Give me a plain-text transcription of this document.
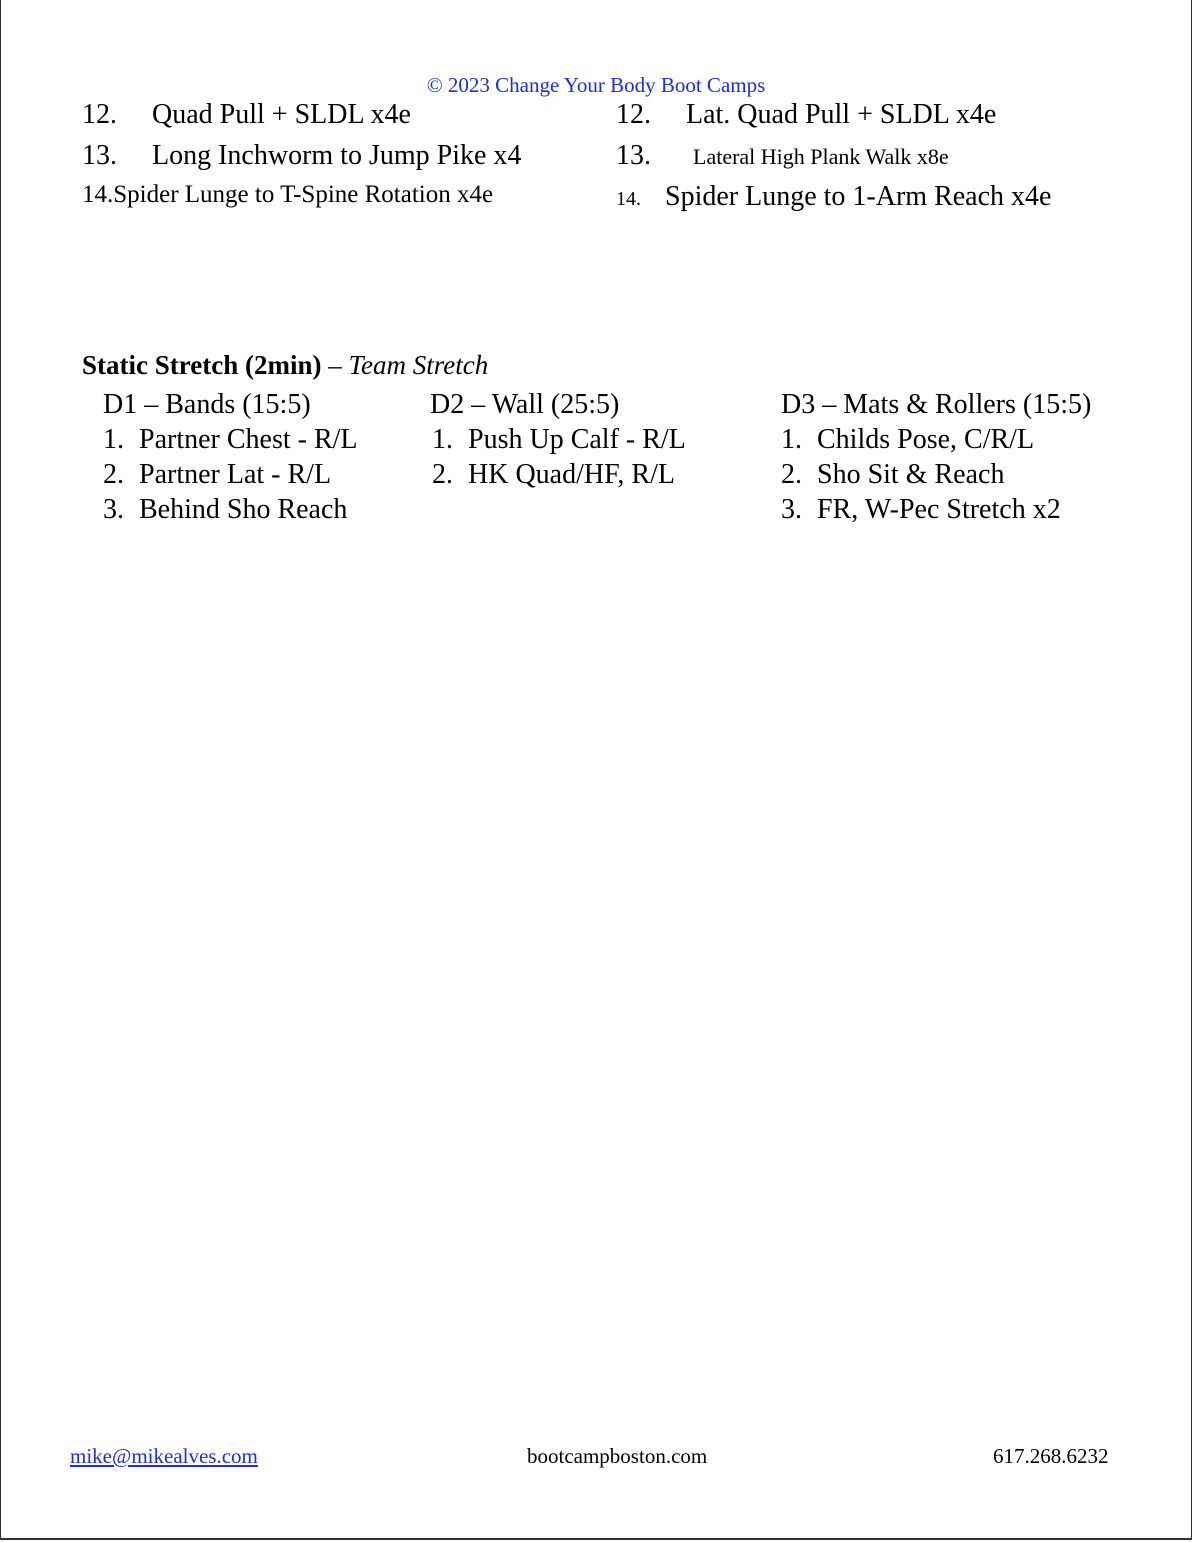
© 2023 Change Your Body Boot Camps
12. Quad Pull + SLDL x4e
13. Long Inchworm to Jump Pike x4
14.Spider Lunge to T-Spine Rotation x4e
12. Lat. Quad Pull + SLDL x4e
13. Lateral High Plank Walk x8e
14. Spider Lunge to 1-Arm Reach x4e
Static Stretch (2min) – Team Stretch
D1 – Bands (15:5)
1. Partner Chest - R/L
2. Partner Lat - R/L
3. Behind Sho Reach
D2 – Wall (25:5)
1. Push Up Calf - R/L
2. HK Quad/HF, R/L
D3 – Mats & Rollers (15:5)
1. Childs Pose, C/R/L
2. Sho Sit & Reach
3. FR, W-Pec Stretch x2
mike@mikealves.com	bootcampboston.com	617.268.6232
